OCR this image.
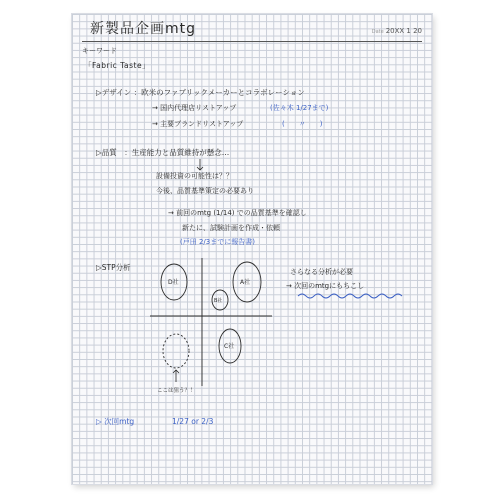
新製品企画mtg	Date 20XX 1 20
キーワード
「Fabric Taste」
▷デザイン ：欧米のファブリックメーカーとコラボレーション
→ 国内代理店リストアップ	(佐々木 1/27まで)
→ 主要ブランドリストアップ	(　　〃　　)
▷品質　：生産能力と品質維持が懸念…
設備投資の可能性は？？
今後、品質基準策定の必要あり
→ 前回のmtg (1/14) での品質基準を確認し
新たに、試験計画を作成・依頼
(戸田 2/3までに報告書)
▷STP分析	さらなる分析が必要
→ 次回のmtgにもちこし
D社	A社
B社
C社
ここは狙う？！
▷ 次回mtg	1/27 or 2/3
